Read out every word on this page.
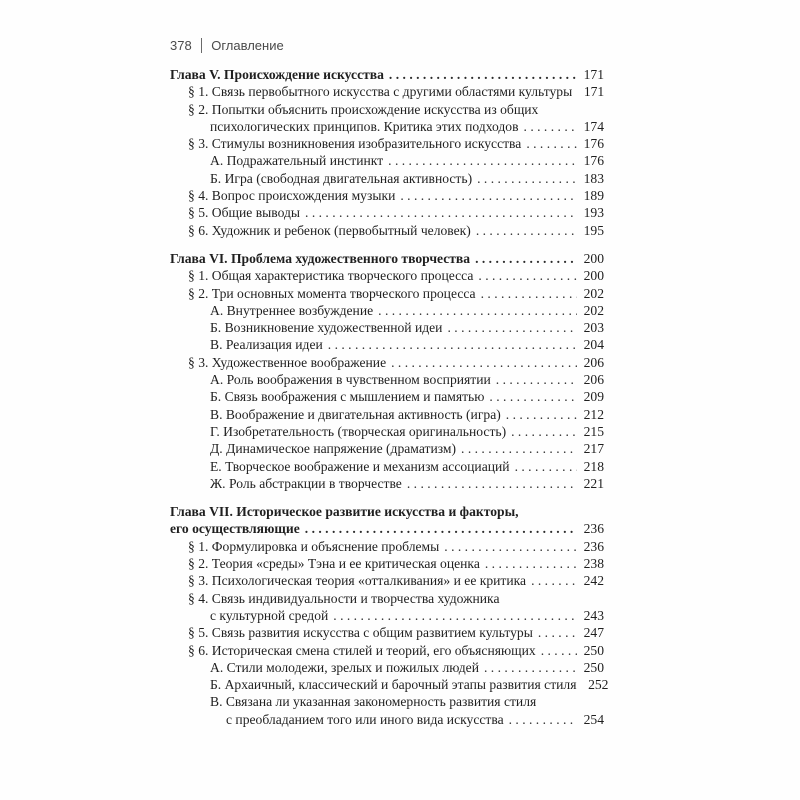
378 Оглавление
Глава V. Происхождение искусства . . .	171
§ 1. Связь первобытного искусства с другими областями культуры 171
§ 2. Попытки объяснить происхождение искусства из общих
психологических принципов. Критика этих подходов . . .	174
§ 3. Стимулы возникновения изобразительного искусства . . .	176
А. Подражательный инстинкт . . .	176
Б. Игра (свободная двигательная активность) . . .	183
§ 4. Вопрос происхождения музыки . . .	189
§ 5. Общие выводы . . .	193
§ 6. Художник и ребенок (первобытный человек) . . .	195
Глава VI. Проблема художественного творчества . . .	200
§ 1. Общая характеристика творческого процесса . . .	200
§ 2. Три основных момента творческого процесса . . .	202
А. Внутреннее возбуждение . . .	202
Б. Возникновение художественной идеи . . .	203
В. Реализация идеи . . .	204
§ 3. Художественное воображение . . .	206
А. Роль воображения в чувственном восприятии . . .	206
Б. Связь воображения с мышлением и памятью . . .	209
В. Воображение и двигательная активность (игра) . . .	212
Г. Изобретательность (творческая оригинальность) . . .	215
Д. Динамическое напряжение (драматизм) . . .	217
Е. Творческое воображение и механизм ассоциаций . . .	218
Ж. Роль абстракции в творчестве . . .	221
Глава VII. Историческое развитие искусства и факторы,
его осуществляющие . . .	236
§ 1. Формулировка и объяснение проблемы . . .	236
§ 2. Теория «среды» Тэна и ее критическая оценка . . .	238
§ 3. Психологическая теория «отталкивания» и ее критика . . .	242
§ 4. Связь индивидуальности и творчества художника
с культурной средой . . .	243
§ 5. Связь развития искусства с общим развитием культуры . . .	247
§ 6. Историческая смена стилей и теорий, его объясняющих . . .	250
А. Стили молодежи, зрелых и пожилых людей . . .	250
Б. Архаичный, классический и барочный этапы развития стиля 252
В. Связана ли указанная закономерность развития стиля
с преобладанием того или иного вида искусства . . .	254
